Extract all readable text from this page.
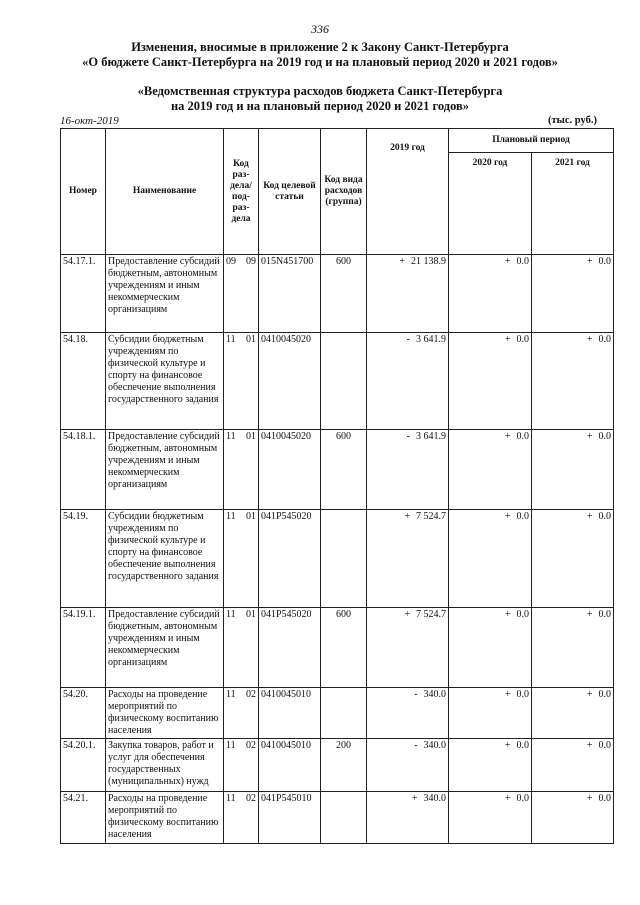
336
Изменения, вносимые в приложение 2 к Закону Санкт-Петербурга
«О бюджете Санкт-Петербурга на 2019 год и на плановый период 2020 и 2021 годов»
«Ведомственная структура расходов бюджета Санкт-Петербурга
на 2019 год и на плановый период 2020 и 2021 годов»
16-окт-2019	(тыс. руб.)
Номер	Наименование	Код раз- дела/ под- раз- дела	Код целевой статьи	Код вида расходов (группа)	2019 год	Плановый период	
						2020 год	2021 год
54.17.1.	Предоставление субсидий бюджетным, автономным учреждениям и иным некоммерческим организациям	09 09	015N451700	600	+ 21 138.9	+ 0.0	+ 0.0
54.18.	Субсидии бюджетным учреждениям по физической культуре и спорту на финансовое обеспечение выполнения государственного задания	11 01	0410045020		- 3 641.9	+ 0.0	+ 0.0
54.18.1.	Предоставление субсидий бюджетным, автономным учреждениям и иным некоммерческим организациям	11 01	0410045020	600	- 3 641.9	+ 0.0	+ 0.0
54.19.	Субсидии бюджетным учреждениям по физической культуре и спорту на финансовое обеспечение выполнения государственного задания	11 01	041P545020		+ 7 524.7	+ 0.0	+ 0.0
54.19.1.	Предоставление субсидий бюджетным, автономным учреждениям и иным некоммерческим организациям	11 01	041P545020	600	+ 7 524.7	+ 0.0	+ 0.0
54.20.	Расходы на проведение мероприятий по физическому воспитанию населения	11 02	0410045010		- 340.0	+ 0.0	+ 0.0
54.20.1.	Закупка товаров, работ и услуг для обеспечения государственных (муниципальных) нужд	11 02	0410045010	200	- 340.0	+ 0.0	+ 0.0
54.21.	Расходы на проведение мероприятий по физическому воспитанию населения	11 02	041P545010		+ 340.0	+ 0.0	+ 0.0
